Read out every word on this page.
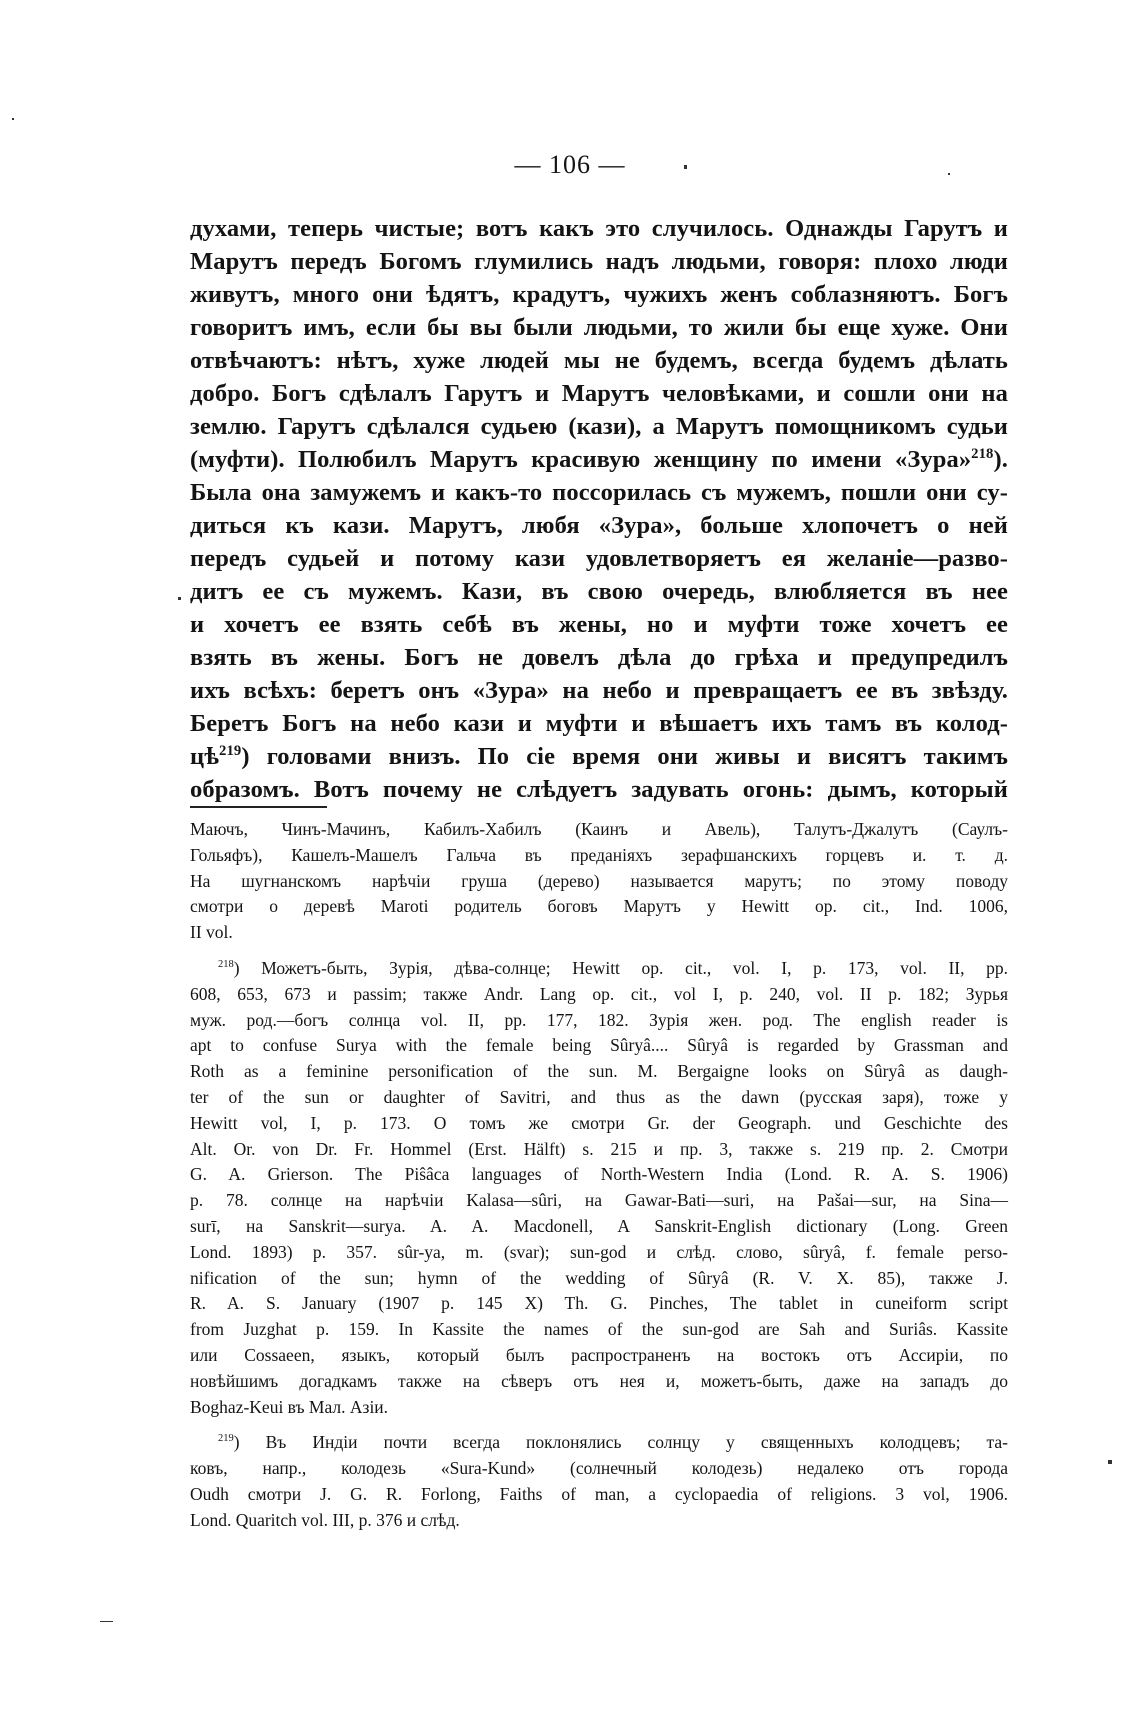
— 106 —
духами, теперь чистые; вотъ какъ это случилось. Однажды Гарутъ и
Марутъ передъ Богомъ глумились надъ людьми, говоря: плохо люди
живутъ, много они ѣдятъ, крадутъ, чужихъ женъ соблазняютъ. Богъ
говоритъ имъ, если бы вы были людьми, то жили бы еще хуже. Они
отвѣчаютъ: нѣтъ, хуже людей мы не будемъ, всегда будемъ дѣлать
добро. Богъ сдѣлалъ Гарутъ и Марутъ человѣками, и сошли они на
землю. Гарутъ сдѣлался судьею (кази), а Марутъ помощникомъ судьи
(муфти). Полюбилъ Марутъ красивую женщину по имени «Зура»$^{218}$).
Была она замужемъ и какъ-то поссорилась съ мужемъ, пошли они су-
диться къ кази. Марутъ, любя «Зура», больше хлопочетъ о ней
передъ судьей и потому кази удовлетворяетъ ея желаніе—разво-
дитъ ее съ мужемъ. Кази, въ свою очередь, влюбляется въ нее
и хочетъ ее взять себѣ въ жены, но и муфти тоже хочетъ ее
взять въ жены. Богъ не довелъ дѣла до грѣха и предупредилъ
ихъ всѣхъ: беретъ онъ «Зура» на небо и превращаетъ ее въ звѣзду.
Беретъ Богъ на небо кази и муфти и вѣшаетъ ихъ тамъ въ колод-
$цѣ^{219}$) головами внизъ. По сіе время они живы и висятъ такимъ
образомъ. Вотъ почему не слѣдуетъ задувать огонь: дымъ, который
Маючъ, Чинъ-Мачинъ, Кабилъ-Хабилъ (Каинъ и Авель), Талутъ-Джалутъ (Саулъ-
Гольяфъ), Кашелъ-Машелъ Гальча въ преданіяхъ зерафшанскихъ горцевъ и. т. д.
На шугнанскомъ нарѣчіи груша (дерево) называется марутъ; по этому поводу
смотри о деревѣ Maroti родитель боговъ Марутъ у Hewitt op. cit., Ind. 1006,
II vol.
$^{218}$) Можетъ-быть, Зурія, дѣва-солнце; Hewitt op. cit., vol. I, p. 173, vol. II, pp.
608, 653, 673 и passim; также Andr. Lang op. cit., vol I, p. 240, vol. II p. 182; Зурья
муж. род.—богъ солнца vol. II, pp. 177, 182. Зурія жен. род. The english reader is
apt to confuse Surya with the female being Sûryâ.... Sûryâ is regarded by Grassman and
Roth as a feminine personification of the sun. M. Bergaigne looks on Sûryâ as daugh-
ter of the sun or daughter of Savitri, and thus as the dawn (русская заря), тоже у
Hewitt vol, I, p. 173. О томъ же смотри Gr. der Geograph. und Geschichte des
Alt. Or. von Dr. Fr. Hommel (Erst. Hälft) s. 215 и пр. 3, также s. 219 пр. 2. Смотри
G. A. Grierson. The Piŝâca languages of North-Western India (Lond. R. A. S. 1906)
p. 78. солнце на нарѣчіи Kalasa—sûri, на Gawar-Bati—suri, на Pašai—sur, на Sina—
surī, на Sanskrit—surya. A. A. Macdonell, A Sanskrit-English dictionary (Long. Green
Lond. 1893) p. 357. sûr-ya, m. (svar); sun-god и слѣд. слово, sûryâ, f. female perso-
nification of the sun; hymn of the wedding of Sûryâ (R. V. X. 85), также J.
R. A. S. January (1907 p. 145 X) Th. G. Pinches, The tablet in cuneiform script
from Juzghat p. 159. In Kassite the names of the sun-god are Sah and Suriâs. Kassite
или Cossaeen, языкъ, который былъ распространенъ на востокъ отъ Ассиріи, по
новѣйшимъ догадкамъ также на сѣверъ отъ нея и, можетъ-быть, даже на западъ до
Boghaz-Keui въ Мал. Азіи.
$^{219}$) Въ Индіи почти всегда поклонялись солнцу у священныхъ колодцевъ; та-
ковъ, напр., колодезь «Sura-Kund» (солнечный колодезь) недалеко отъ города
Oudh смотри J. G. R. Forlong, Faiths of man, a cyclopaedia of religions. 3 vol, 1906.
Lond. Quaritch vol. III, p. 376 и слѣд.
